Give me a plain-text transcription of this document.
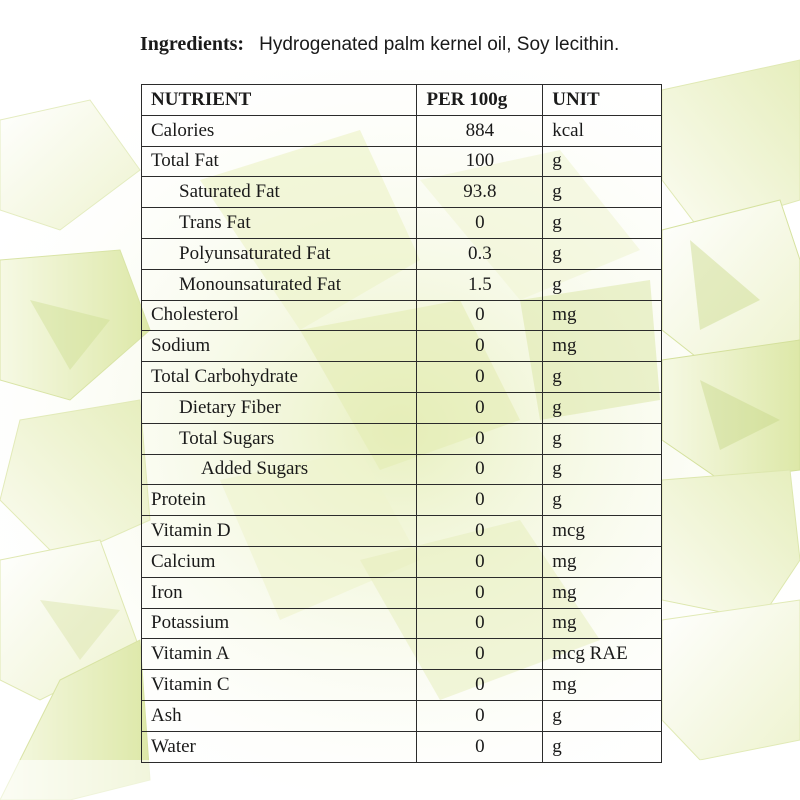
Ingredients: Hydrogenated palm kernel oil, Soy lecithin.
NUTRIENT	PER 100g	UNIT
Calories	884	kcal
Total Fat	100	g
Saturated Fat	93.8	g
Trans Fat	0	g
Polyunsaturated Fat	0.3	g
Monounsaturated Fat	1.5	g
Cholesterol	0	mg
Sodium	0	mg
Total Carbohydrate	0	g
Dietary Fiber	0	g
Total Sugars	0	g
Added Sugars	0	g
Protein	0	g
Vitamin D	0	mcg
Calcium	0	mg
Iron	0	mg
Potassium	0	mg
Vitamin A	0	mcg RAE
Vitamin C	0	mg
Ash	0	g
Water	0	g
